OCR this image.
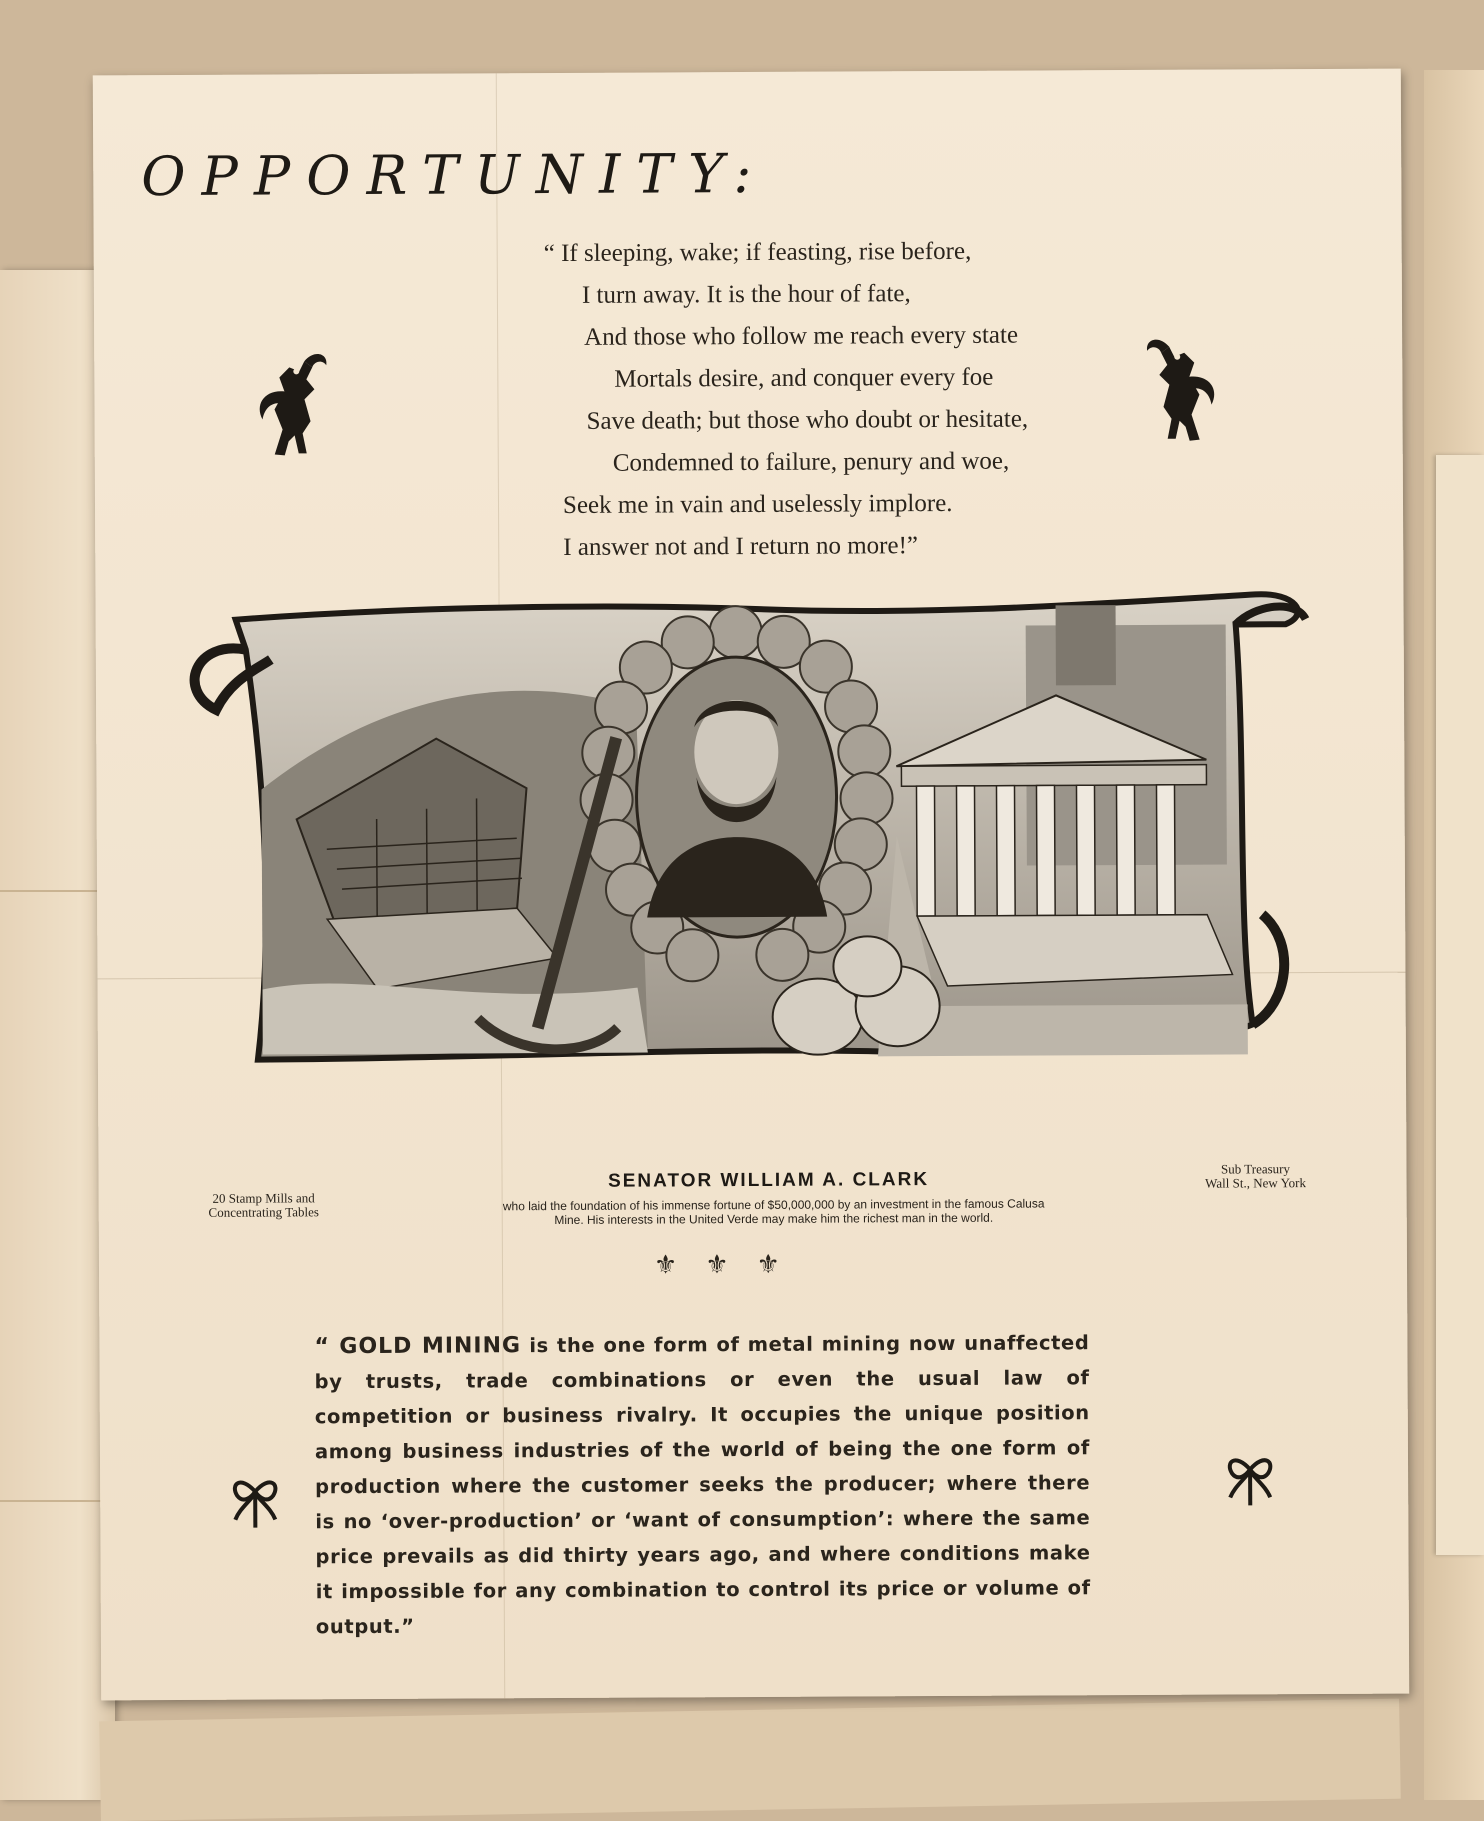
OPPORTUNITY:
“ If sleeping, wake; if feasting, rise before,
I turn away. It is the hour of fate,
And those who follow me reach every state
Mortals desire, and conquer every foe
Save death; but those who doubt or hesitate,
Condemned to failure, penury and woe,
Seek me in vain and uselessly implore.
I answer not and I return no more!”
20 Stamp Mills and
Concentrating Tables
Sub Treasury
Wall St., New York
SENATOR WILLIAM A. CLARK
who laid the foundation of his immense fortune of $50,000,000 by an investment in the famous Calusa
Mine. His interests in the United Verde may make him the richest man in the world.
⚜⚜⚜

“ GOLD MINING is the one form of metal mining now unaffected by trusts, trade combinations or even the usual law of competition or business rivalry. It occupies the unique position among business industries of the world of being the one form of production where the customer seeks the producer; where there is no ‘over-production’ or ‘want of consumption’: where the same price prevails as did thirty years ago, and where conditions make it impossible for any combination to control its price or volume of output.”
